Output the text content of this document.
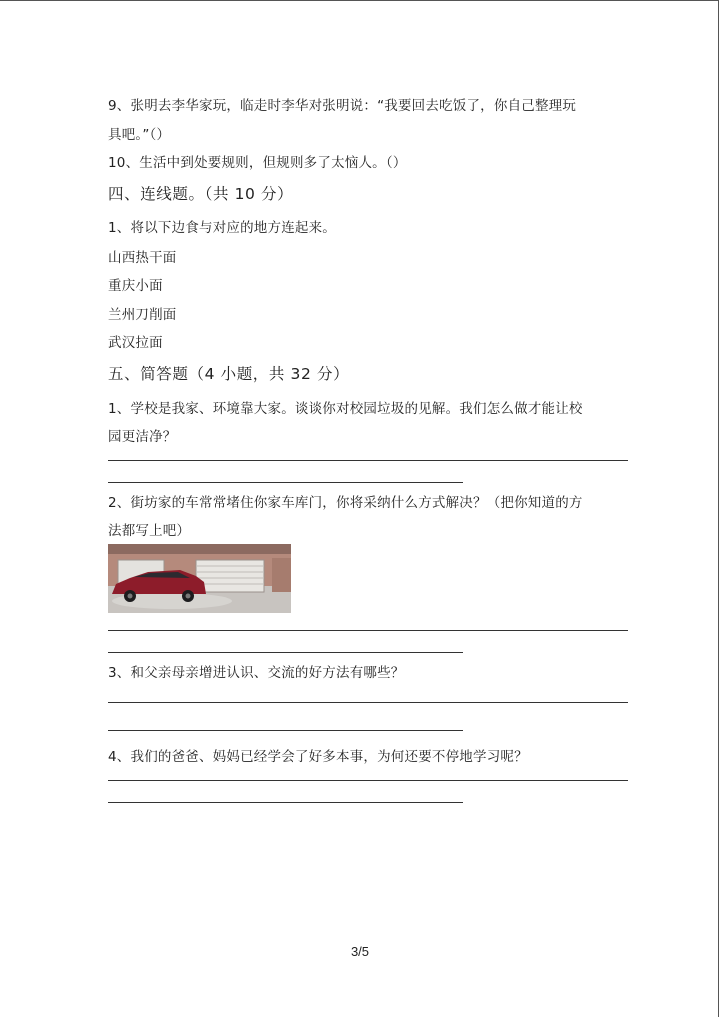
9、张明去李华家玩，临走时李华对张明说：“我要回去吃饭了，你自己整理玩
具吧。”（）
10、生活中到处要规则，但规则多了太恼人。（）
四、连线题。（共 10 分）
1、将以下边食与对应的地方连起来。
山西热干面
重庆小面
兰州刀削面
武汉拉面
五、简答题（4 小题，共 32 分）
1、学校是我家、环境靠大家。谈谈你对校园垃圾的见解。我们怎么做才能让校
园更洁净？
2、街坊家的车常常堵住你家车库门，你将采纳什么方式解决？（把你知道的方
法都写上吧）
3、和父亲母亲增进认识、交流的好方法有哪些？
4、我们的爸爸、妈妈已经学会了好多本事，为何还要不停地学习呢？
3/5
